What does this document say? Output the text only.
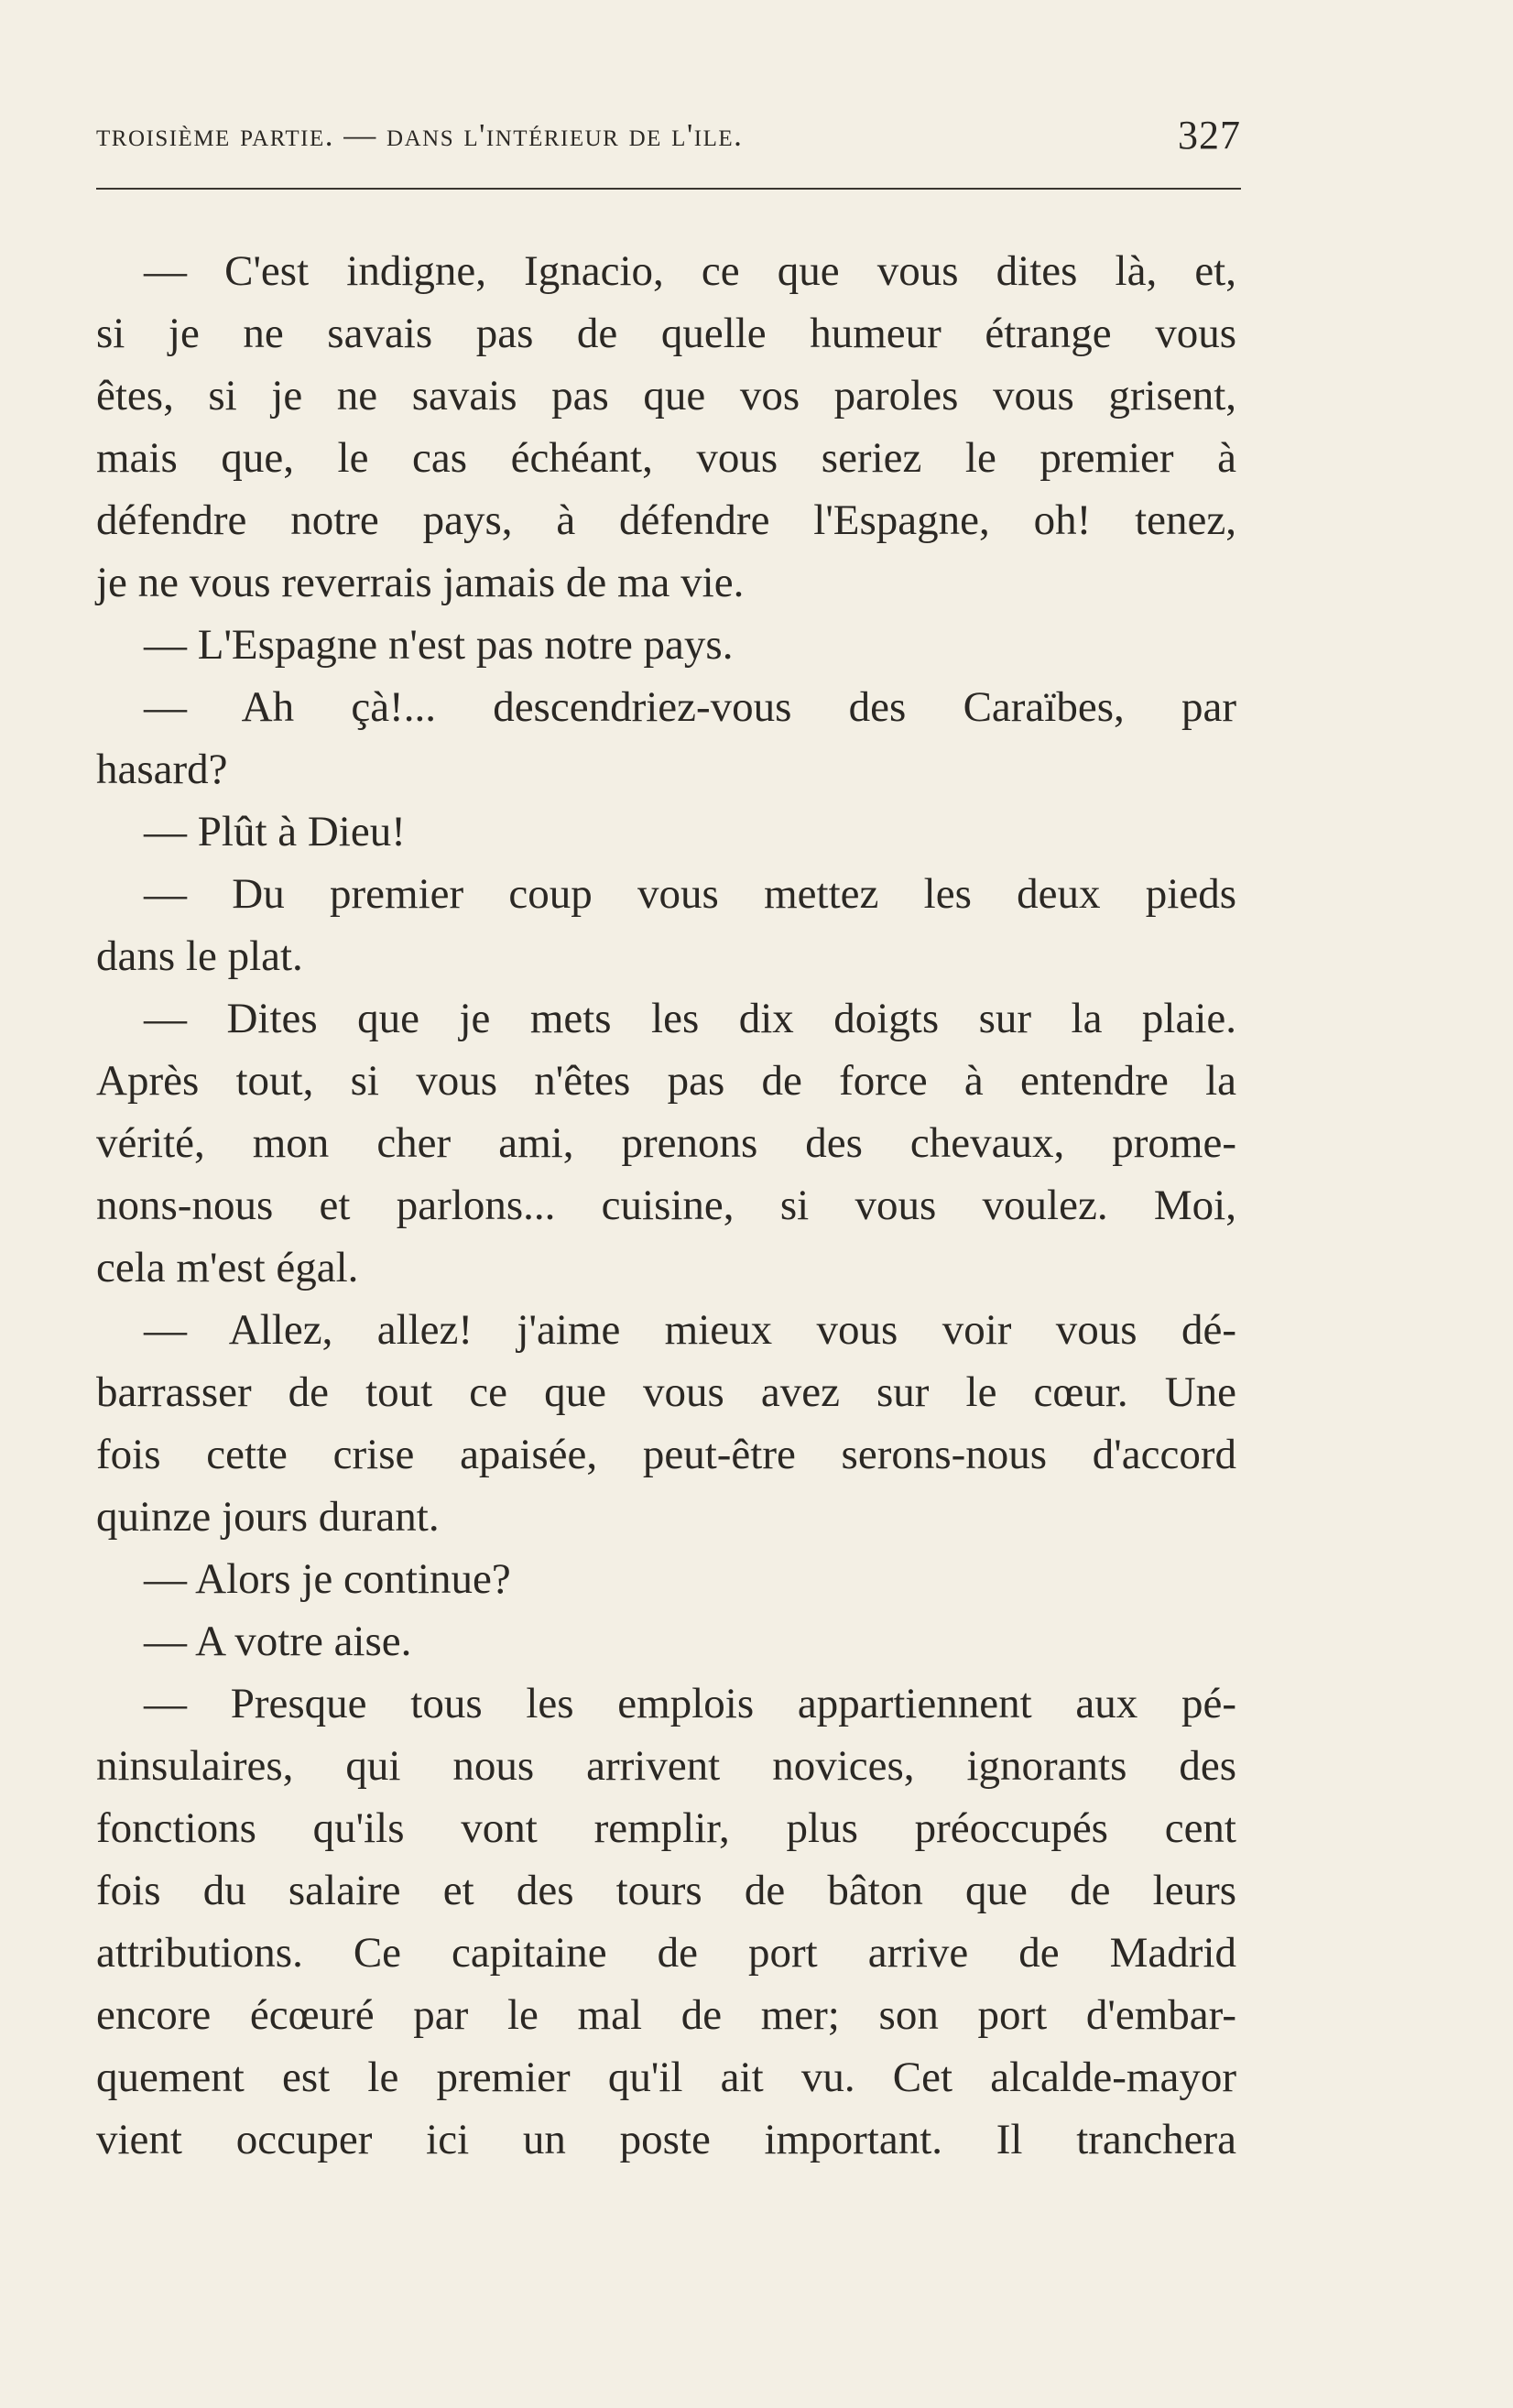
troisième partie. — dans l'intérieur de l'ile.	327
— C'est indigne, Ignacio, ce que vous dites là, et,
si je ne savais pas de quelle humeur étrange vous
êtes, si je ne savais pas que vos paroles vous grisent,
mais que, le cas échéant, vous seriez le premier à
défendre notre pays, à défendre l'Espagne, oh! tenez,
je ne vous reverrais jamais de ma vie.
— L'Espagne n'est pas notre pays.
— Ah çà!... descendriez-vous des Caraïbes, par
hasard?
— Plût à Dieu!
— Du premier coup vous mettez les deux pieds
dans le plat.
— Dites que je mets les dix doigts sur la plaie.
Après tout, si vous n'êtes pas de force à entendre la
vérité, mon cher ami, prenons des chevaux, prome-
nons-nous et parlons... cuisine, si vous voulez. Moi,
cela m'est égal.
— Allez, allez! j'aime mieux vous voir vous dé-
barrasser de tout ce que vous avez sur le cœur. Une
fois cette crise apaisée, peut-être serons-nous d'accord
quinze jours durant.
— Alors je continue?
— A votre aise.
— Presque tous les emplois appartiennent aux pé-
ninsulaires, qui nous arrivent novices, ignorants des
fonctions qu'ils vont remplir, plus préoccupés cent
fois du salaire et des tours de bâton que de leurs
attributions. Ce capitaine de port arrive de Madrid
encore écœuré par le mal de mer; son port d'embar-
quement est le premier qu'il ait vu. Cet alcalde-mayor
vient occuper ici un poste important. Il tranchera
